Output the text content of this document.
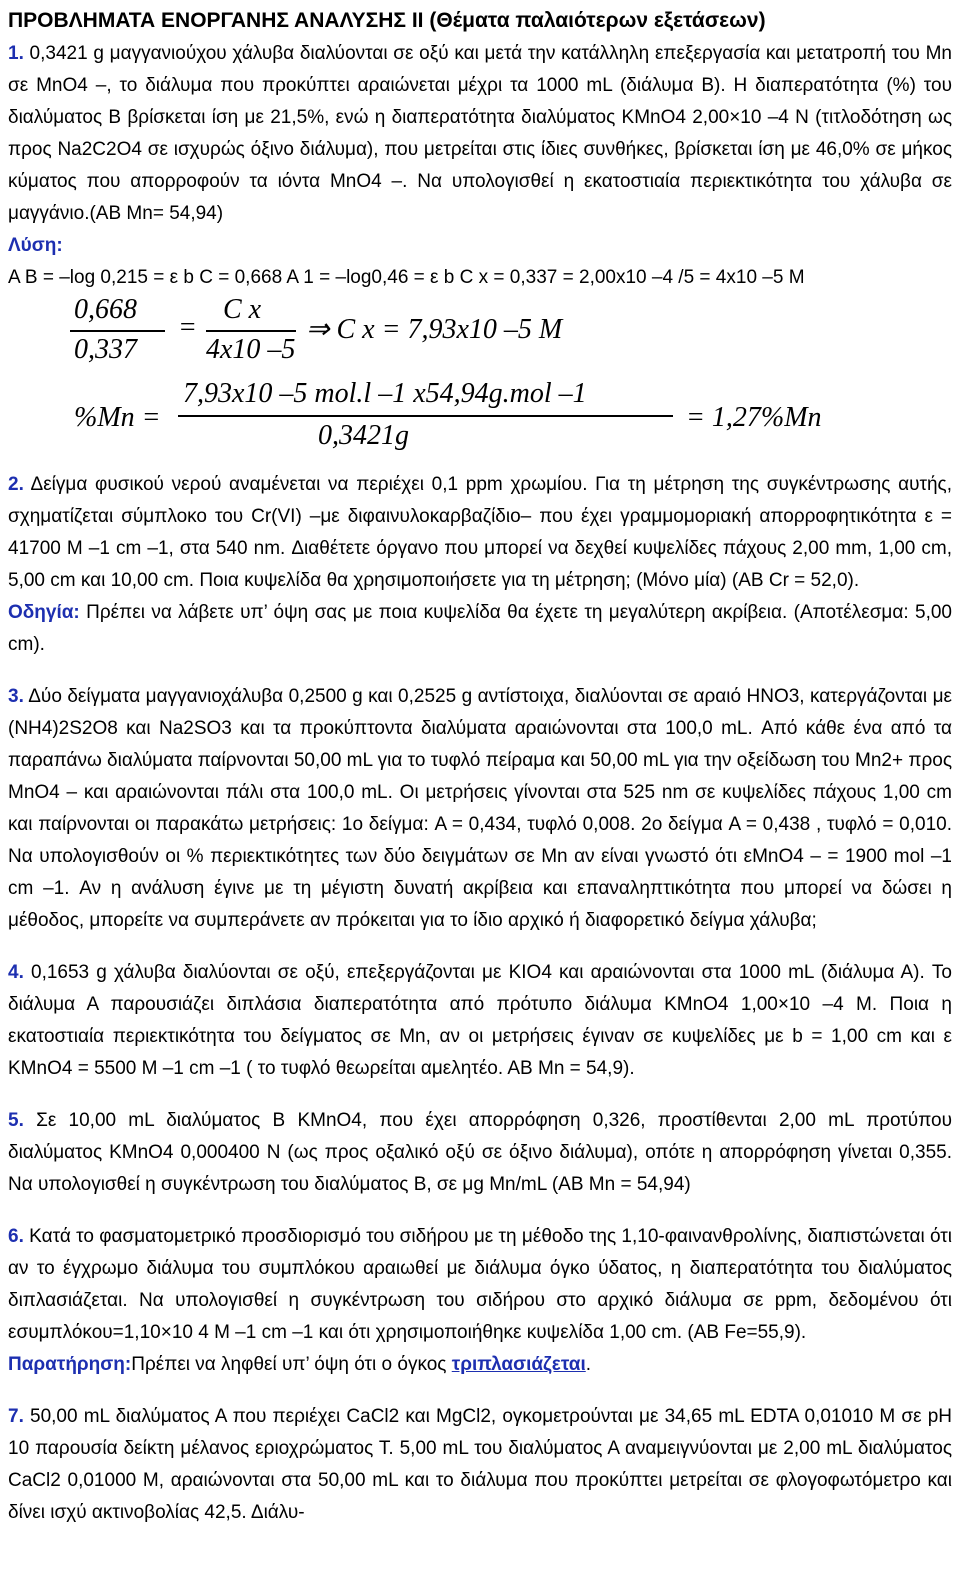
ΠΡΟΒΛΗΜΑΤΑ ΕΝΟΡΓΑΝΗΣ ΑΝΑΛΥΣΗΣ ΙΙ (Θέματα παλαιότερων εξετάσεων)

1. 0,3421 g μαγγανιούχου χάλυβα διαλύονται σε οξύ και μετά την κατάλληλη επεξεργασία και μετατροπή του Mn σε MnO4 –, το διάλυμα που προκύπτει αραιώνεται μέχρι τα 1000 mL (διάλυμα Β). Η διαπερατότητα (%) του διαλύματος Β βρίσκεται ίση με 21,5%, ενώ η διαπερατότητα διαλύματος KMnO4 2,00×10 –4 N (τιτλοδότηση ως προς Na2C2O4 σε ισχυρώς όξινο διάλυμα), που μετρείται στις ίδιες συνθήκες, βρίσκεται ίση με 46,0% σε μήκος κύματος που απορροφούν τα ιόντα MnO4 –. Να υπολογισθεί η εκατοστιαία περιεκτικότητα του χάλυβα σε μαγγάνιο.(ΑΒ Mn= 54,94)

Λύση:
A B = –log 0,215 = ε b C = 0,668 A 1 = –log0,46 = ε b C x = 0,337 = 2,00x10 –4 /5 = 4x10 –5 M

0,668
0,337
=
C x
4x10 –5
⇒ C x = 7,93x10 –5 M
%Mn =
7,93x10 –5 mol.l –1 x54,94g.mol –1
0,3421g
= 1,27%Mn

2. Δείγμα φυσικού νερού αναμένεται να περιέχει 0,1 ppm χρωμίου. Για τη μέτρηση της συγκέντρωσης αυτής, σχηματίζεται σύμπλοκο του Cr(VI) –με διφαινυλοκαρβαζίδιο– που έχει γραμμομοριακή απορροφητικότητα ε = 41700 M –1 cm –1, στα 540 nm. Διαθέτετε όργανο που μπορεί να δεχθεί κυψελίδες πάχους 2,00 mm, 1,00 cm, 5,00 cm και 10,00 cm. Ποια κυψελίδα θα χρησιμοποιήσετε για τη μέτρηση; (Μόνο μία) (ΑΒ Cr = 52,0).
Οδηγία: Πρέπει να λάβετε υπ’ όψη σας με ποια κυψελίδα θα έχετε τη μεγαλύτερη ακρίβεια. (Αποτέλεσμα: 5,00 cm).

3. Δύο δείγματα μαγγανιοχάλυβα 0,2500 g και 0,2525 g αντίστοιχα, διαλύονται σε αραιό HNO3, κατεργάζονται με (NH4)2S2O8 και Na2SO3 και τα προκύπτοντα διαλύματα αραιώνονται στα 100,0 mL. Από κάθε ένα από τα παραπάνω διαλύματα παίρνονται 50,00 mL για το τυφλό πείραμα και 50,00 mL για την οξείδωση του Mn2+ προς MnO4 – και αραιώνονται πάλι στα 100,0 mL. Οι μετρήσεις γίνονται στα 525 nm σε κυψελίδες πάχους 1,00 cm και παίρνονται οι παρακάτω μετρήσεις: 1ο δείγμα: A = 0,434, τυφλό 0,008. 2ο δείγμα A = 0,438 , τυφλό = 0,010. Να υπολογισθούν οι % περιεκτικότητες των δύο δειγμάτων σε Mn αν είναι γνωστό ότι εMnO4 – = 1900 mol –1 cm –1. Αν η ανάλυση έγινε με τη μέγιστη δυνατή ακρίβεια και επαναληπτικότητα που μπορεί να δώσει η μέθοδος, μπορείτε να συμπεράνετε αν πρόκειται για το ίδιο αρχικό ή διαφορετικό δείγμα χάλυβα;

4. 0,1653 g χάλυβα διαλύονται σε οξύ, επεξεργάζονται με KIO4 και αραιώνονται στα 1000 mL (διάλυμα Α). Το διάλυμα Α παρουσιάζει διπλάσια διαπερατότητα από πρότυπο διάλυμα KMnO4 1,00×10 –4 M. Ποια η εκατοστιαία περιεκτικότητα του δείγματος σε Mn, αν οι μετρήσεις έγιναν σε κυψελίδες με b = 1,00 cm και ε KMnO4 = 5500 M –1 cm –1 ( το τυφλό θεωρείται αμελητέο. ΑΒ Mn = 54,9).

5. Σε 10,00 mL διαλύματος Β KMnO4, που έχει απορρόφηση 0,326, προστίθενται 2,00 mL προτύπου διαλύματος KMnO4 0,000400 N (ως προς οξαλικό οξύ σε όξινο διάλυμα), οπότε η απορρόφηση γίνεται 0,355. Να υπολογισθεί η συγκέντρωση του διαλύματος Β, σε μg Mn/mL (ΑΒ Mn = 54,94)

6. Κατά το φασματομετρικό προσδιορισμό του σιδήρου με τη μέθοδο της 1,10-φαινανθρολίνης, διαπιστώνεται ότι αν το έγχρωμο διάλυμα του συμπλόκου αραιωθεί με διάλυμα όγκο ύδατος, η διαπερατότητα του διαλύματος διπλασιάζεται. Να υπολογισθεί η συγκέντρωση του σιδήρου στο αρχικό διάλυμα σε ppm, δεδομένου ότι εσυμπλόκου=1,10×10 4 M –1 cm –1 και ότι χρησιμοποιήθηκε κυψελίδα 1,00 cm. (ΑΒ Fe=55,9).
Παρατήρηση:Πρέπει να ληφθεί υπ’ όψη ότι ο όγκος τριπλασιάζεται.

7. 50,00 mL διαλύματος Α που περιέχει CaCl2 και MgCl2, ογκομετρούνται με 34,65 mL EDTA 0,01010 M σε pH 10 παρουσία δείκτη μέλανος εριοχρώματος Τ. 5,00 mL του διαλύματος Α αναμειγνύονται με 2,00 mL διαλύματος CaCl2 0,01000 M, αραιώνονται στα 50,00 mL και το διάλυμα που προκύπτει μετρείται σε φλογοφωτόμετρο και δίνει ισχύ ακτινοβολίας 42,5. Διάλυ-
